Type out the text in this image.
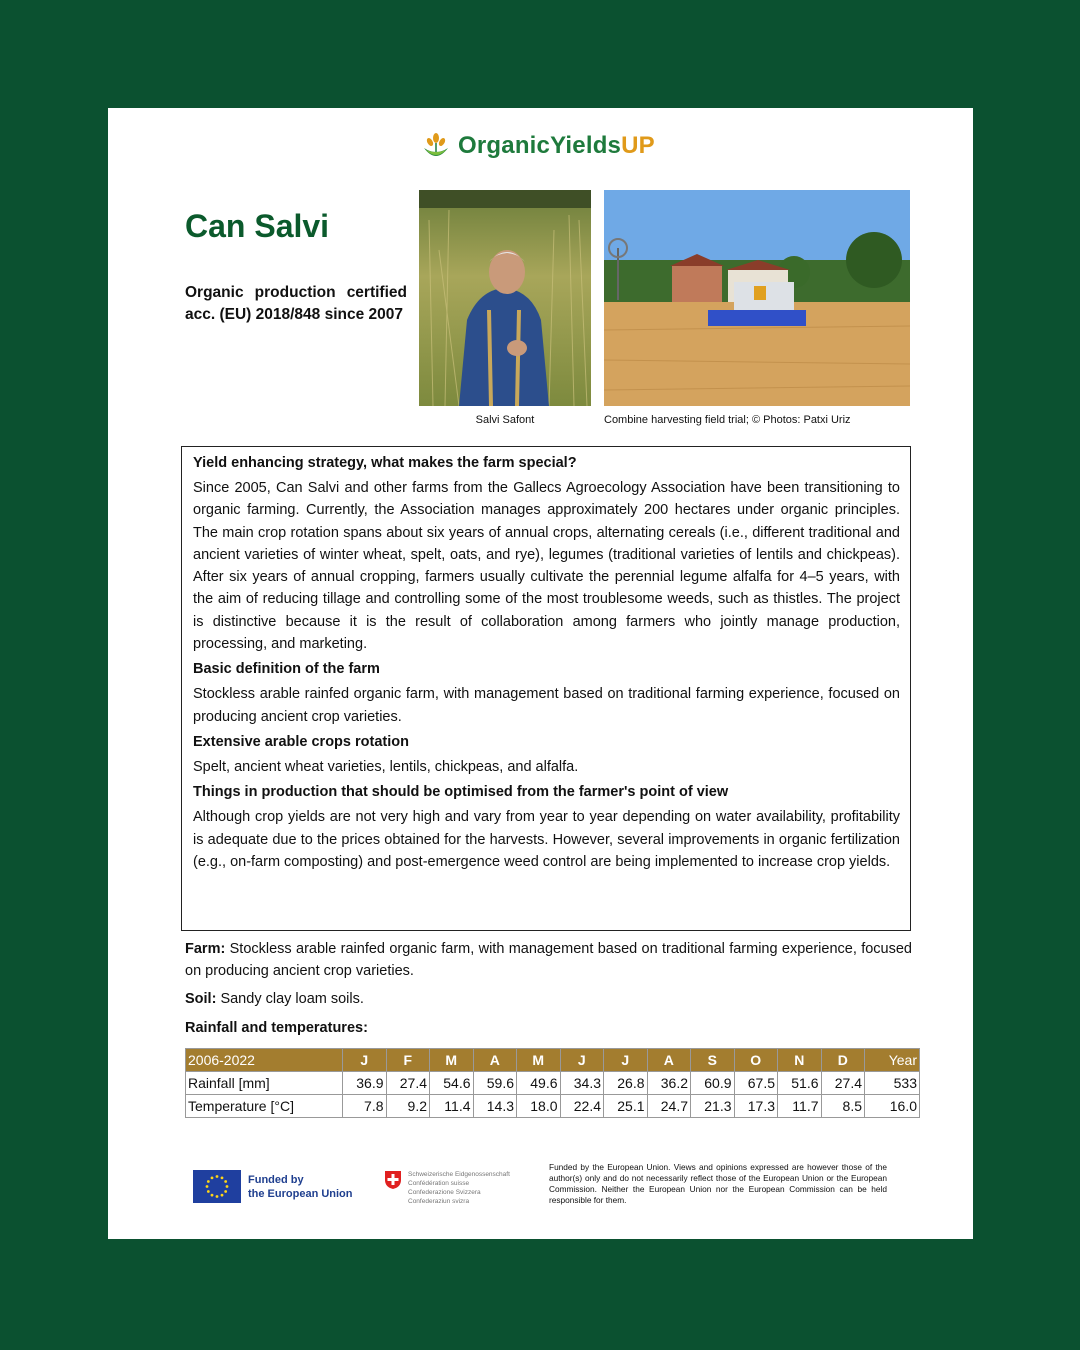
OrganicYieldsUP
Can Salvi
Organic production certified acc. (EU) 2018/848 since 2007
Salvi Safont	Combine harvesting field trial; © Photos: Patxi Uriz
Yield enhancing strategy, what makes the farm special?

Since 2005, Can Salvi and other farms from the Gallecs Agroecology Association have been transitioning to organic farming. Currently, the Association manages approximately 200 hectares under organic principles. The main crop rotation spans about six years of annual crops, alternating cereals (i.e., different traditional and ancient varieties of winter wheat, spelt, oats, and rye), legumes (traditional varieties of lentils and chickpeas). After six years of annual cropping, farmers usually cultivate the perennial legume alfalfa for 4–5 years, with the aim of reducing tillage and controlling some of the most troublesome weeds, such as thistles. The project is distinctive because it is the result of collaboration among farmers who jointly manage production, processing, and marketing.

Basic definition of the farm

Stockless arable rainfed organic farm, with management based on traditional farming experience, focused on producing ancient crop varieties.

Extensive arable crops rotation

Spelt, ancient wheat varieties, lentils, chickpeas, and alfalfa.

Things in production that should be optimised from the farmer's point of view

Although crop yields are not very high and vary from year to year depending on water availability, profitability is adequate due to the prices obtained for the harvests. However, several improvements in organic fertilization (e.g., on-farm composting) and post-emergence weed control are being implemented to increase crop yields.

Farm: Stockless arable rainfed organic farm, with management based on traditional farming experience, focused on producing ancient crop varieties.

Soil: Sandy clay loam soils.

Rainfall and temperatures:

2006-2022	J	F	M	A	M	J	J	A	S	O	N	D	Year
Rainfall [mm]	36.9	27.4	54.6	59.6	49.6	34.3	26.8	36.2	60.9	67.5	51.6	27.4	533
Temperature [°C]	7.8	9.2	11.4	14.3	18.0	22.4	25.1	24.7	21.3	17.3	11.7	8.5	16.0
Funded by
the European Union
Schweizerische Eidgenossenschaft
Confédération suisse
Confederazione Svizzera
Confederaziun svizra
Funded by the European Union. Views and opinions expressed are however those of the author(s) only and do not necessarily reflect those of the European Union or the European Commission. Neither the European Union nor the European Commission can be held responsible for them.
